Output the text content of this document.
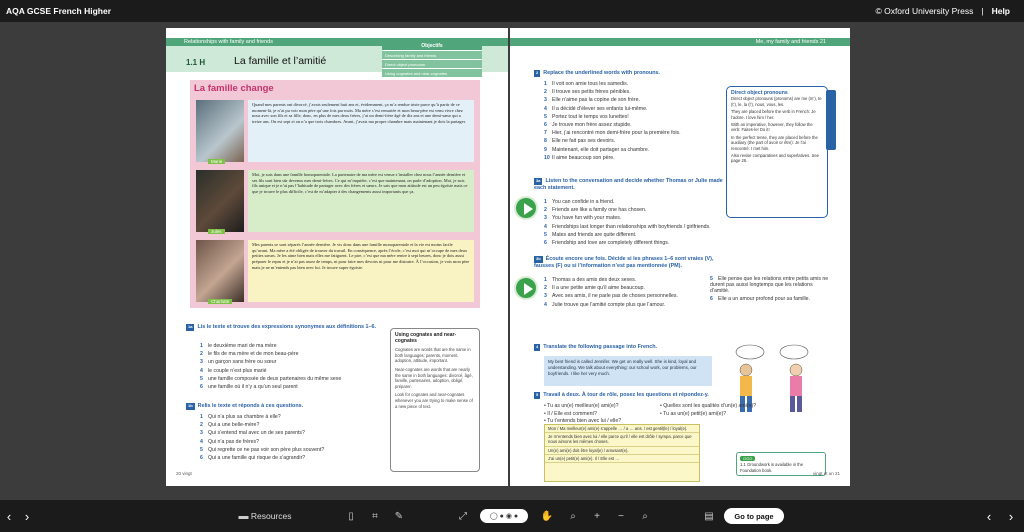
AQA GCSE French Higher	© Oxford University Press | Help
Relationships with family and friends
1.1 H	La famille et l’amitié
Objectifs
Describing family and friends
Direct object pronouns
Using cognates and near-cognates
La famille change
Marie
Quand mes parents ont divorcé, j’avais seulement huit ans et, évidemment, ça m’a rendue triste parce qu’à partir de ce moment-là, je n’ai pu voir mon père qu’une fois par mois. Ma mère s’est remariée et mon beau-père est venu vivre chez nous avec son fils et sa fille, donc, en plus de mes deux frères, j’ai un demi-frère âgé de dix ans et une demi-sœur qui a treize ans. On est sept et on n’a que trois chambres. Avant, j’avais ma propre chambre mais maintenant je dois la partager.
Jules
Moi, je suis dans une famille homoparentale. La partenaire de ma mère est venue s’installer chez nous l’année dernière et ses fils sont bien sûr devenus mes demi-frères. Ce qui m’inquiète, c’est que maintenant, on parle d’adoption. Moi, je suis fils unique et je n’ai pas l’habitude de partager avec des frères et sœurs. Je sais que mon attitude est un peu égoïste mais ce que je trouve le plus difficile, c’est de m’adapter à des changements aussi importants que ça.
Charlotte
Mes parents se sont séparés l’année dernière. Je vis donc dans une famille monoparentale et la vie est moins facile qu’avant. Ma mère a été obligée de trouver du travail. En conséquence, après l’école, c’est moi qui m’occupe de mes deux petites sœurs. Je les aime bien mais elles me fatiguent. Le pire, c’est que ma mère rentre à sept heures, donc je dois aussi préparer le repas et je n’ai pas assez de temps, ni pour faire mes devoirs ni pour me distraire. À l’occasion, je vois mon père mais je ne m’entends pas bien avec lui. Je trouve super égoïste.
1a Lis le texte et trouve des expressions synonymes aux définitions 1–6.
1 le deuxième mari de ma mère
2 le fils de ma mère et de mon beau-père
3 un garçon sans frère ou sœur
4 le couple n’est plus marié
5 une famille composée de deux partenaires du même sexe
6 une famille où il n’y a qu’un seul parent
1b Relis le texte et réponds à ces questions.
1 Qui n’a plus sa chambre à elle?
2 Qui a une belle-mère?
3 Qui s’entend mal avec un de ses parents?
4 Qui n’a pas de frères?
5 Qui regrette ce ne pas voir son père plus souvent?
6 Qui a une famille qui risque de s’agrandir?
Using cognates and near-cognates
Cognates are words that are the same in both languages: parents, moment, adoption, attitude, important.
Near-cognates are words that are nearly the same in both languages: divorcé, âgé, famille, partenaires, adoption, obligé, préparer.
Look for cognates and near-cognates whenever you are trying to make sense of a new piece of text.
20 vingt
Me, my family and friends 21
2 Replace the underlined words with pronouns.
1 Il voit son amie tous les samedis.
2 Il trouve ses petits frères pénibles.
3 Elle n’aime pas la copine de son frère.
4 Il a décidé d’élever ses enfants lui-même.
5 Portez tout le temps vos lunettes!
6 Je trouve mon frère assez stupide.
7 Hier, j’ai rencontré mon demi-frère pour la première fois.
8 Elle ne fait pas ses devoirs.
9 Maintenant, elle doit partager sa chambre.
10 Il aime beaucoup son père.
Direct object pronouns
Direct object pronouns (pronoms) are me (m’), te (t’), le, la (l’), nous, vous, les.
They are placed before the verb in French: Je l’adore. I love him / her.
With an imperative, however, they follow the verb: Faites-le! Do it!
In the perfect tense, they are placed before the auxiliary (the part of avoir or être): Je l’ai rencontré. I met him.
Also revise comparatives and superlatives. See page 26.
3a Listen to the conversation and decide whether Thomas or Julie made each statement.
1 You can confide in a friend.
2 Friends are like a family one has chosen.
3 You have fun with your mates.
4 Friendships last longer than relationships with boyfriends / girlfriends.
5 Mates and friends are quite different.
6 Friendship and love are completely different things.
3b Écoute encore une fois. Décide si les phrases 1–6 sont vraies (V), fausses (F) ou si l’information n’est pas mentionnée (PM).
1 Thomas a des amis des deux sexes.
2 Il a une petite amie qu’il aime beaucoup.
3 Avec ses amis, il ne parle pas de choses personnelles.
4 Julie trouve que l’amitié compte plus que l’amour.
5 Elle pense que les relations entre petits amis ne durent pas aussi longtemps que les relations d’amitié.
6 Elle a un amour profond pour sa famille.
4 Translate the following passage into French.
My best friend is called Jennifer. We get on really well. She is kind, loyal and understanding. We talk about everything: our school work, our problems, our boyfriends. I like her very much.
5 Travail à deux. À tour de rôle, posez les questions et répondez-y.
• Tu as un(e) meilleur(e) ami(e)?
• Il / Elle est comment?
• Tu t’entends bien avec lui / elle?
• Quelles sont les qualités d’un(e) ami(e)?
• Tu as un(e) petit(e) ami(e)?
Mon / Ma meilleur(e) ami(e) s’appelle … / a … ans. / est gentil(le) / loyal(e).
Je m’entends bien avec lui / elle parce qu’il / elle est drôle / sympa. parce que nous aimons les mêmes choses.
Un(e) ami(e) doit être loyal(e) / amusant(e).
J’ai un(e) petit(e) ami(e). Il / Elle est …	GGO
1.1 Groundwork is available in the Foundation book.
vingt et un 21
‹	›	▬
Resources	▯	⌗	✎	⤢	◯ ● ◉ ●	✋	⌕	+	−	⌕	▤	Go to page	‹	›
